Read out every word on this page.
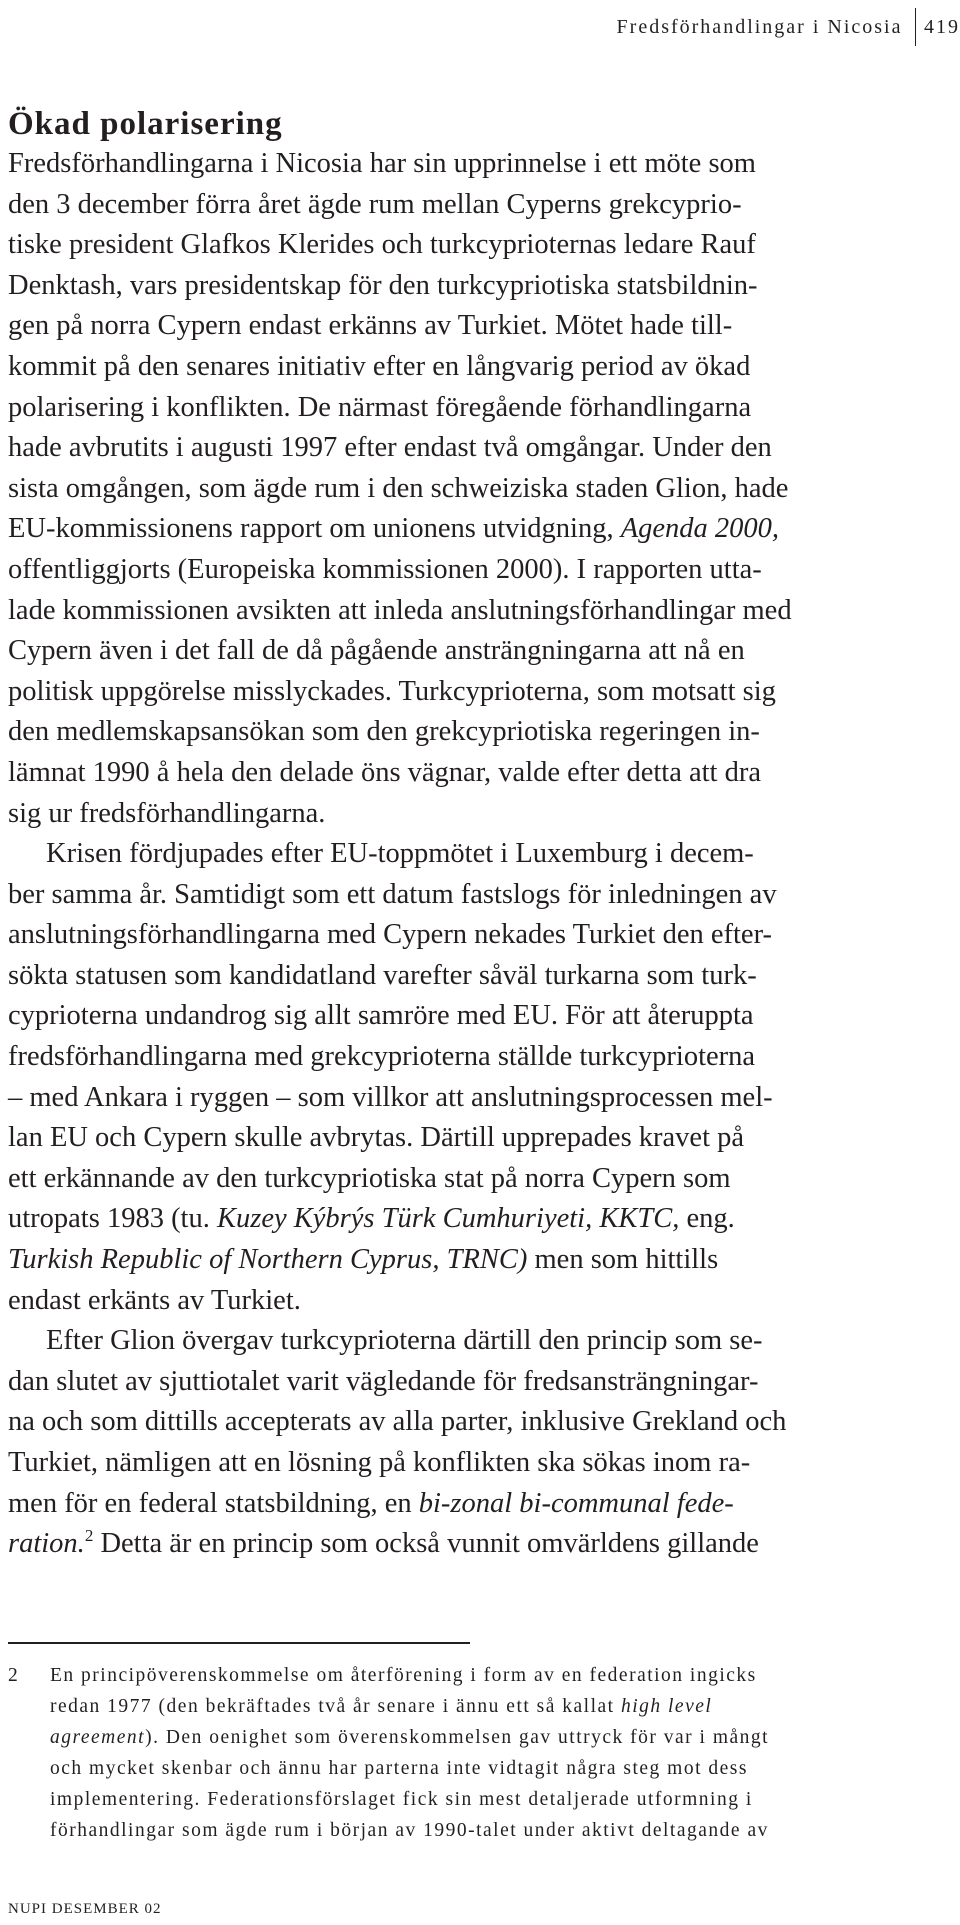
Fredsförhandlingar i Nicosia	419
Ökad polarisering

Fredsförhandlingarna i Nicosia har sin upprinnelse i ett möte som
den 3 december förra året ägde rum mellan Cyperns grekcyprio-
tiske president Glafkos Klerides och turkcyprioternas ledare Rauf
Denktash, vars presidentskap för den turkcypriotiska statsbildnin-
gen på norra Cypern endast erkänns av Turkiet. Mötet hade till-
kommit på den senares initiativ efter en långvarig period av ökad
polarisering i konflikten. De närmast föregående förhandlingarna
hade avbrutits i augusti 1997 efter endast två omgångar. Under den
sista omgången, som ägde rum i den schweiziska staden Glion, hade
EU-kommissionens rapport om unionens utvidgning, Agenda 2000,
offentliggjorts (Europeiska kommissionen 2000). I rapporten utta-
lade kommissionen avsikten att inleda anslutningsförhandlingar med
Cypern även i det fall de då pågående ansträngningarna att nå en
politisk uppgörelse misslyckades. Turkcyprioterna, som motsatt sig
den medlemskapsansökan som den grekcypriotiska regeringen in-
lämnat 1990 å hela den delade öns vägnar, valde efter detta att dra
sig ur fredsförhandlingarna.

Krisen fördjupades efter EU-toppmötet i Luxemburg i decem-
ber samma år. Samtidigt som ett datum fastslogs för inledningen av
anslutningsförhandlingarna med Cypern nekades Turkiet den efter-
sökta statusen som kandidatland varefter såväl turkarna som turk-
cyprioterna undandrog sig allt samröre med EU. För att återuppta
fredsförhandlingarna med grekcyprioterna ställde turkcyprioterna
– med Ankara i ryggen – som villkor att anslutningsprocessen mel-
lan EU och Cypern skulle avbrytas. Därtill upprepades kravet på
ett erkännande av den turkcypriotiska stat på norra Cypern som
utropats 1983 (tu. Kuzey Kýbrýs Türk Cumhuriyeti, KKTC, eng.
Turkish Republic of Northern Cyprus, TRNC) men som hittills
endast erkänts av Turkiet.

Efter Glion övergav turkcyprioterna därtill den princip som se-
dan slutet av sjuttiotalet varit vägledande för fredsansträngningar-
na och som dittills accepterats av alla parter, inklusive Grekland och
Turkiet, nämligen att en lösning på konflikten ska sökas inom ra-
men för en federal statsbildning, en bi-zonal bi-communal fede-
ration.$^2$ Detta är en princip som också vunnit omvärldens gillande

2	En principöverenskommelse om återförening i form av en federation ingicks
redan 1977 (den bekräftades två år senare i ännu ett så kallat high level
agreement). Den oenighet som överenskommelsen gav uttryck för var i mångt
och mycket skenbar och ännu har parterna inte vidtagit några steg mot dess
implementering. Federationsförslaget fick sin mest detaljerade utformning i
förhandlingar som ägde rum i början av 1990-talet under aktivt deltagande av
NUPI DESEMBER 02
